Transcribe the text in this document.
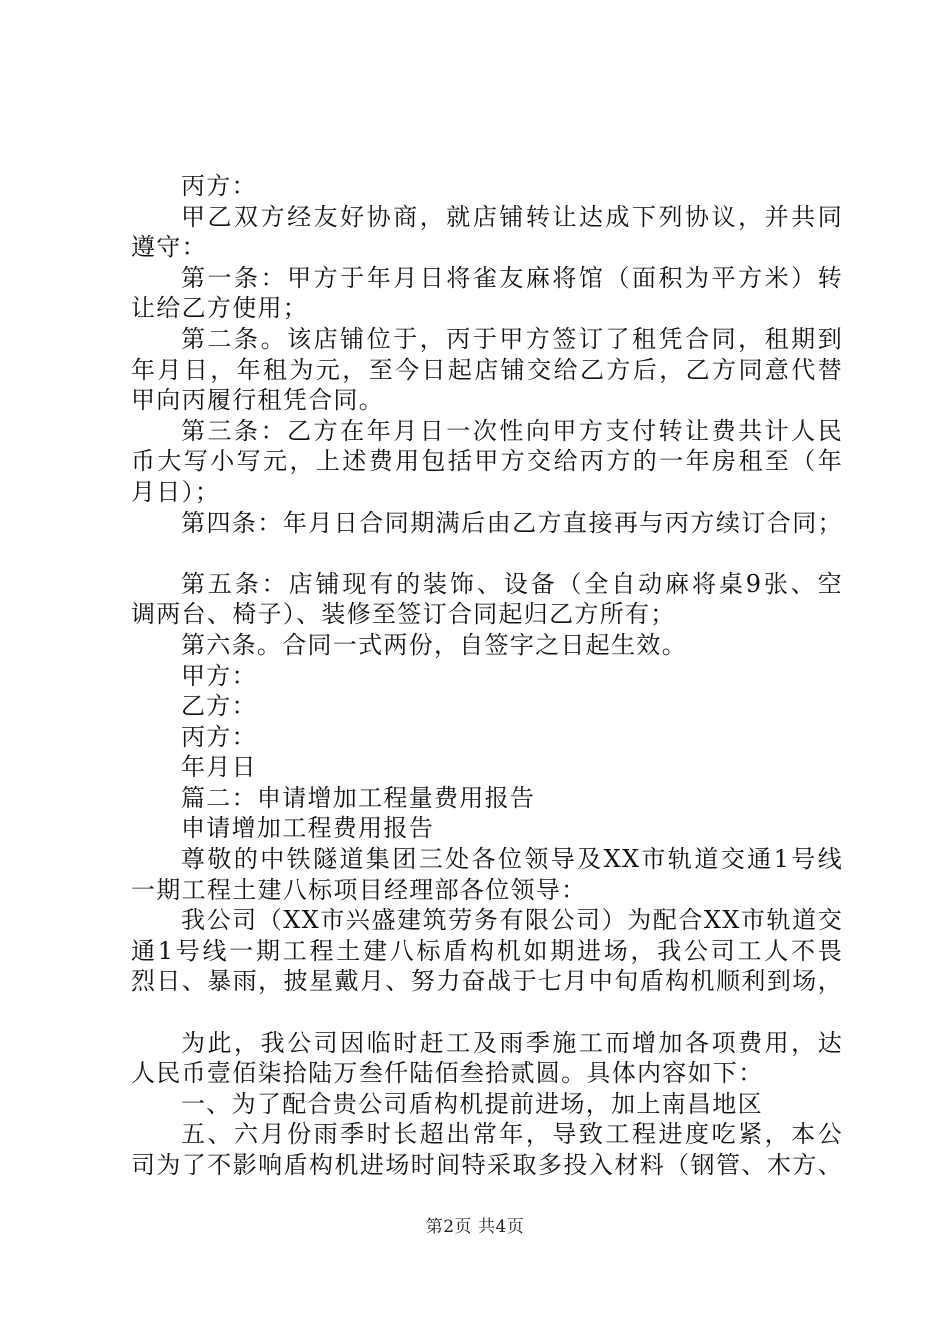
丙方：
甲乙双方经友好协商，就店铺转让达成下列协议，并共同
遵守：
第一条：甲方于年月日将雀友麻将馆（面积为平方米）转
让给乙方使用；
第二条。该店铺位于，丙于甲方签订了租凭合同，租期到
年月日，年租为元，至今日起店铺交给乙方后，乙方同意代替
甲向丙履行租凭合同。
第三条：乙方在年月日一次性向甲方支付转让费共计人民
币大写小写元，上述费用包括甲方交给丙方的一年房租至（年
月日）；
第四条：年月日合同期满后由乙方直接再与丙方续订合同；
第五条：店铺现有的装饰、设备（全自动麻将桌9张、空
调两台、椅子）、装修至签订合同起归乙方所有；
第六条。合同一式两份，自签字之日起生效。
甲方：
乙方：
丙方：
年月日
篇二：申请增加工程量费用报告
申请增加工程费用报告
尊敬的中铁隧道集团三处各位领导及XX市轨道交通1号线
一期工程土建八标项目经理部各位领导：
我公司（XX市兴盛建筑劳务有限公司）为配合XX市轨道交
通1号线一期工程土建八标盾构机如期进场，我公司工人不畏
烈日、暴雨，披星戴月、努力奋战于七月中旬盾构机顺利到场，
为此，我公司因临时赶工及雨季施工而增加各项费用，达
人民币壹佰柒拾陆万叁仟陆佰叁拾贰圆。具体内容如下：
一、为了配合贵公司盾构机提前进场，加上南昌地区
五、六月份雨季时长超出常年，导致工程进度吃紧，本公
司为了不影响盾构机进场时间特采取多投入材料（钢管、木方、
第2页 共4页
